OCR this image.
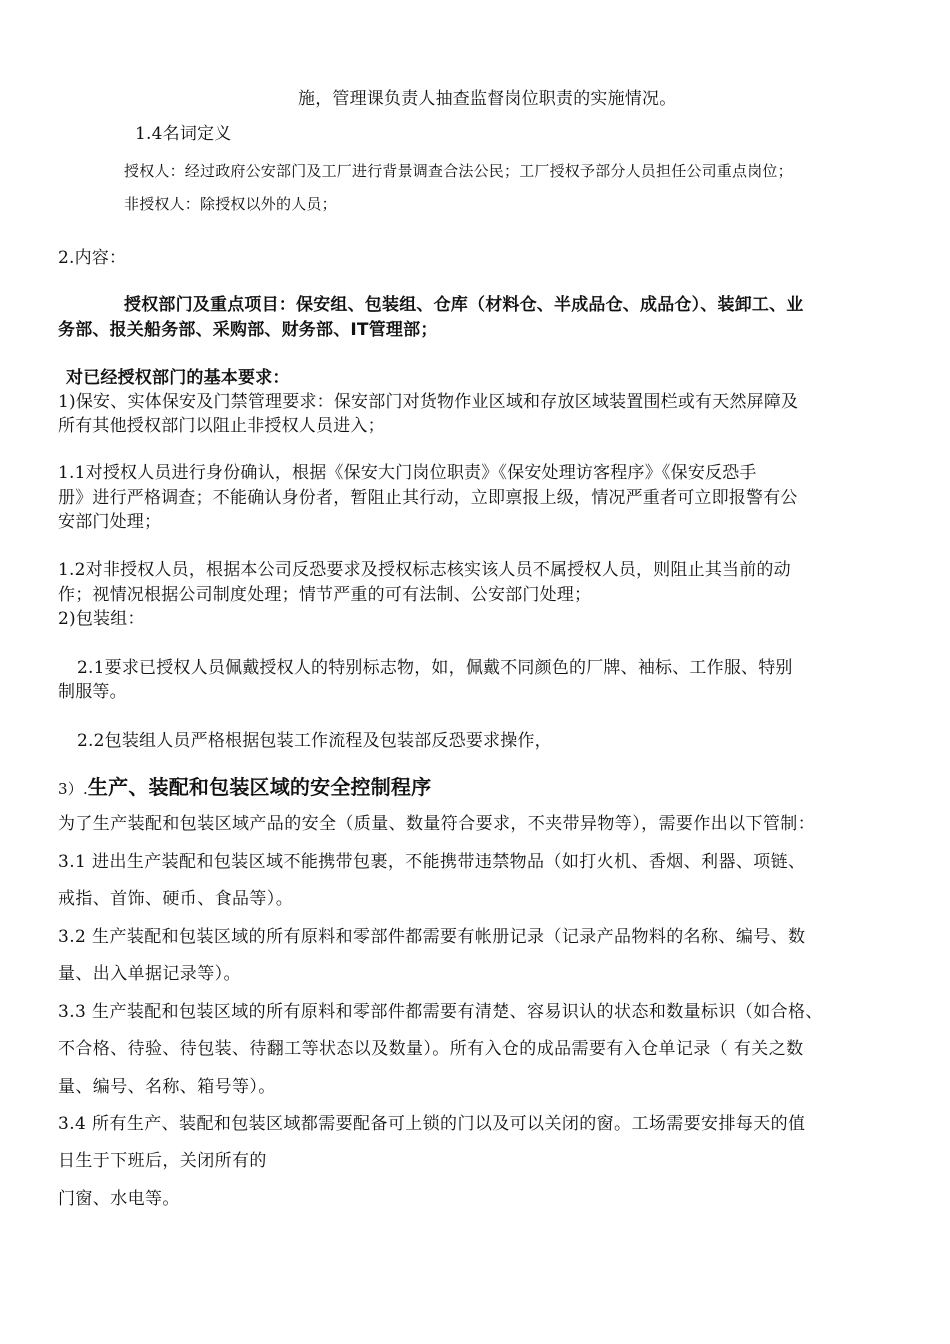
施，管理课负责人抽查监督岗位职责的实施情况。
1.4名词定义
授权人：经过政府公安部门及工厂进行背景调查合法公民；工厂授权予部分人员担任公司重点岗位；
非授权人：除授权以外的人员；
2.内容：
授权部门及重点项目：保安组、包装组、仓库（材料仓、半成品仓、成品仓）、装卸工、业
务部、报关船务部、采购部、财务部、IT管理部；
对已经授权部门的基本要求：
1)保安、实体保安及门禁管理要求：保安部门对货物作业区域和存放区域装置围栏或有天然屏障及
所有其他授权部门以阻止非授权人员进入；
1.1对授权人员进行身份确认，根据《保安大门岗位职责》《保安处理访客程序》《保安反恐手
册》进行严格调查；不能确认身份者，暂阻止其行动，立即禀报上级，情况严重者可立即报警有公
安部门处理；
1.2对非授权人员，根据本公司反恐要求及授权标志核实该人员不属授权人员，则阻止其当前的动
作；视情况根据公司制度处理；情节严重的可有法制、公安部门处理；
2)包装组：
2.1要求已授权人员佩戴授权人的特别标志物，如，佩戴不同颜色的厂牌、袖标、工作服、特别
制服等。
2.2包装组人员严格根据包装工作流程及包装部反恐要求操作，
3）.生产、装配和包装区域的安全控制程序
为了生产装配和包装区域产品的安全（质量、数量符合要求，不夹带异物等），需要作出以下管制：
3.1 进出生产装配和包装区域不能携带包裹，不能携带违禁物品（如打火机、香烟、利器、项链、
戒指、首饰、硬币、食品等）。
3.2 生产装配和包装区域的所有原料和零部件都需要有帐册记录（记录产品物料的名称、编号、数
量、出入单据记录等）。
3.3 生产装配和包装区域的所有原料和零部件都需要有清楚、容易识认的状态和数量标识（如合格、
不合格、待验、待包装、待翻工等状态以及数量）。所有入仓的成品需要有入仓单记录（ 有关之数
量、编号、名称、箱号等）。
3.4 所有生产、装配和包装区域都需要配备可上锁的门以及可以关闭的窗。工场需要安排每天的值
日生于下班后，关闭所有的
门窗、水电等。
